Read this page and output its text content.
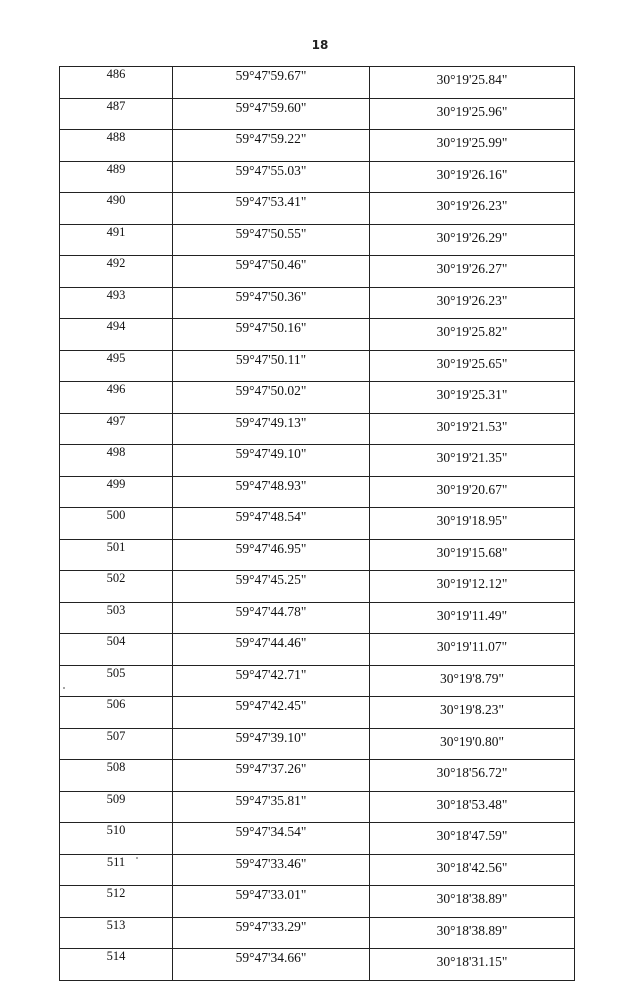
18
486	59°47'59.67"	30°19'25.84"
487	59°47'59.60"	30°19'25.96"
488	59°47'59.22"	30°19'25.99"
489	59°47'55.03"	30°19'26.16"
490	59°47'53.41"	30°19'26.23"
491	59°47'50.55"	30°19'26.29"
492	59°47'50.46"	30°19'26.27"
493	59°47'50.36"	30°19'26.23"
494	59°47'50.16"	30°19'25.82"
495	59°47'50.11"	30°19'25.65"
496	59°47'50.02"	30°19'25.31"
497	59°47'49.13"	30°19'21.53"
498	59°47'49.10"	30°19'21.35"
499	59°47'48.93"	30°19'20.67"
500	59°47'48.54"	30°19'18.95"
501	59°47'46.95"	30°19'15.68"
502	59°47'45.25"	30°19'12.12"
503	59°47'44.78"	30°19'11.49"
504	59°47'44.46"	30°19'11.07"
505	59°47'42.71"	30°19'8.79"
506	59°47'42.45"	30°19'8.23"
507	59°47'39.10"	30°19'0.80"
508	59°47'37.26"	30°18'56.72"
509	59°47'35.81"	30°18'53.48"
510	59°47'34.54"	30°18'47.59"
511	59°47'33.46"	30°18'42.56"
512	59°47'33.01"	30°18'38.89"
513	59°47'33.29"	30°18'38.89"
514	59°47'34.66"	30°18'31.15"
